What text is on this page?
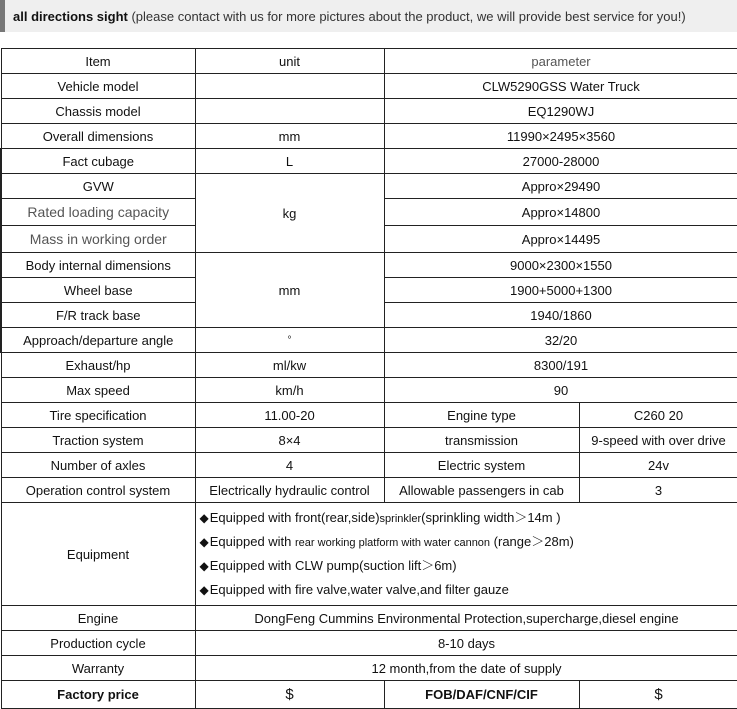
all directions sight (please contact with us for more pictures about the product, we will provide best service for you!)
Item	unit	parameter	
Vehicle model		CLW5290GSS Water Truck	
Chassis model		EQ1290WJ	
Overall dimensions	mm	11990×2495×3560	
Fact cubage	L	27000-28000	
GVW	kg	Appro×29490	
Rated loading capacity		Appro×14800	
Mass in working order		Appro×14495	
Body internal dimensions	mm	9000×2300×1550	
Wheel base		1900+5000+1300	
F/R track base		1940/1860	
Approach/departure angle	°	32/20	
Exhaust/hp	ml/kw	8300/191	
Max speed	km/h	90	
Tire specification	11.00-20	Engine type	C260 20
Traction system	8×4	transmission	9-speed with over drive
Number of axles	4	Electric system	24v
Operation control system	Electrically hydraulic control	Allowable passengers in cab	3
Equipment	◆Equipped with front(rear,side)sprinkler(sprinkling width＞14m )
◆Equipped with rear working platform with water cannon (range＞28m)
◆Equipped with CLW pump(suction lift＞6m)
◆Equipped with fire valve,water valve,and filter gauze		

Engine	DongFeng Cummins Environmental Protection,supercharge,diesel engine		
Production cycle	8-10 days		
Warranty	12 month,from the date of supply		
Factory price	$	FOB/DAF/CNF/CIF	$
